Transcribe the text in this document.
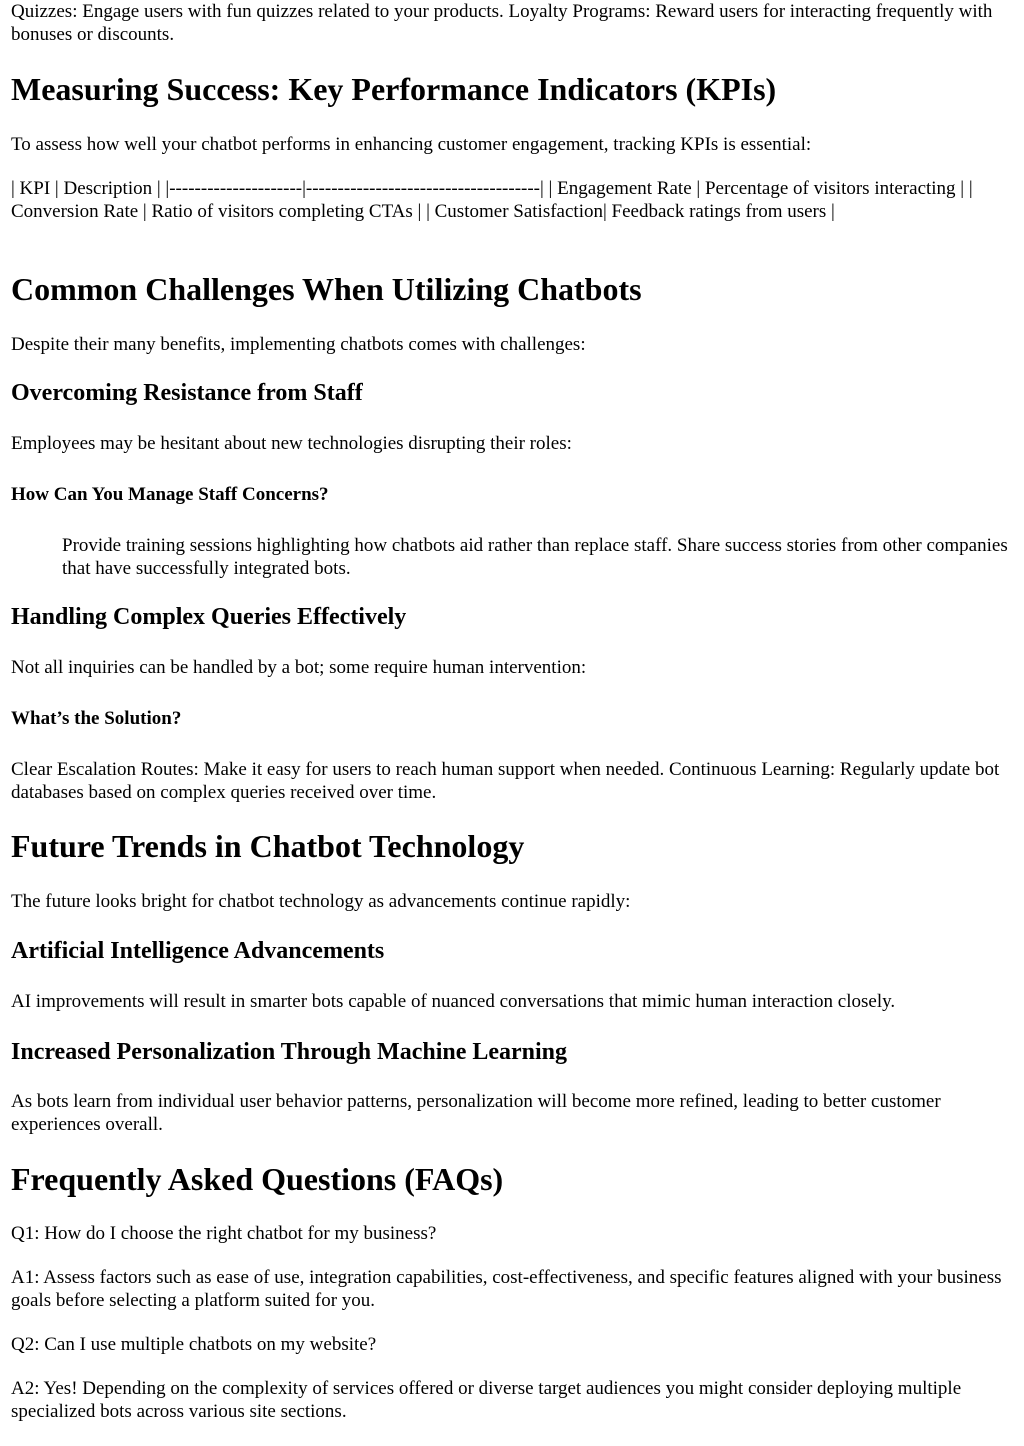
Quizzes: Engage users with fun quizzes related to your products. Loyalty Programs: Reward users for interacting frequently with bonuses or discounts.

Measuring Success: Key Performance Indicators (KPIs)

To assess how well your chatbot performs in enhancing customer engagement, tracking KPIs is essential:

| KPI | Description | |---------------------|-------------------------------------| | Engagement Rate | Percentage of visitors interacting | | Conversion Rate | Ratio of visitors completing CTAs | | Customer Satisfaction| Feedback ratings from users |

Common Challenges When Utilizing Chatbots

Despite their many benefits, implementing chatbots comes with challenges:

Overcoming Resistance from Staff

Employees may be hesitant about new technologies disrupting their roles:

How Can You Manage Staff Concerns?
Provide training sessions highlighting how chatbots aid rather than replace staff. Share success stories from other companies that have successfully integrated bots.
Handling Complex Queries Effectively

Not all inquiries can be handled by a bot; some require human intervention:

What’s the Solution?

Clear Escalation Routes: Make it easy for users to reach human support when needed. Continuous Learning: Regularly update bot databases based on complex queries received over time.

Future Trends in Chatbot Technology

The future looks bright for chatbot technology as advancements continue rapidly:

Artificial Intelligence Advancements

AI improvements will result in smarter bots capable of nuanced conversations that mimic human interaction closely.

Increased Personalization Through Machine Learning

As bots learn from individual user behavior patterns, personalization will become more refined, leading to better customer experiences overall.

Frequently Asked Questions (FAQs)

Q1: How do I choose the right chatbot for my business?

A1: Assess factors such as ease of use, integration capabilities, cost-effectiveness, and specific features aligned with your business goals before selecting a platform suited for you.

Q2: Can I use multiple chatbots on my website?

A2: Yes! Depending on the complexity of services offered or diverse target audiences you might consider deploying multiple specialized bots across various site sections.
